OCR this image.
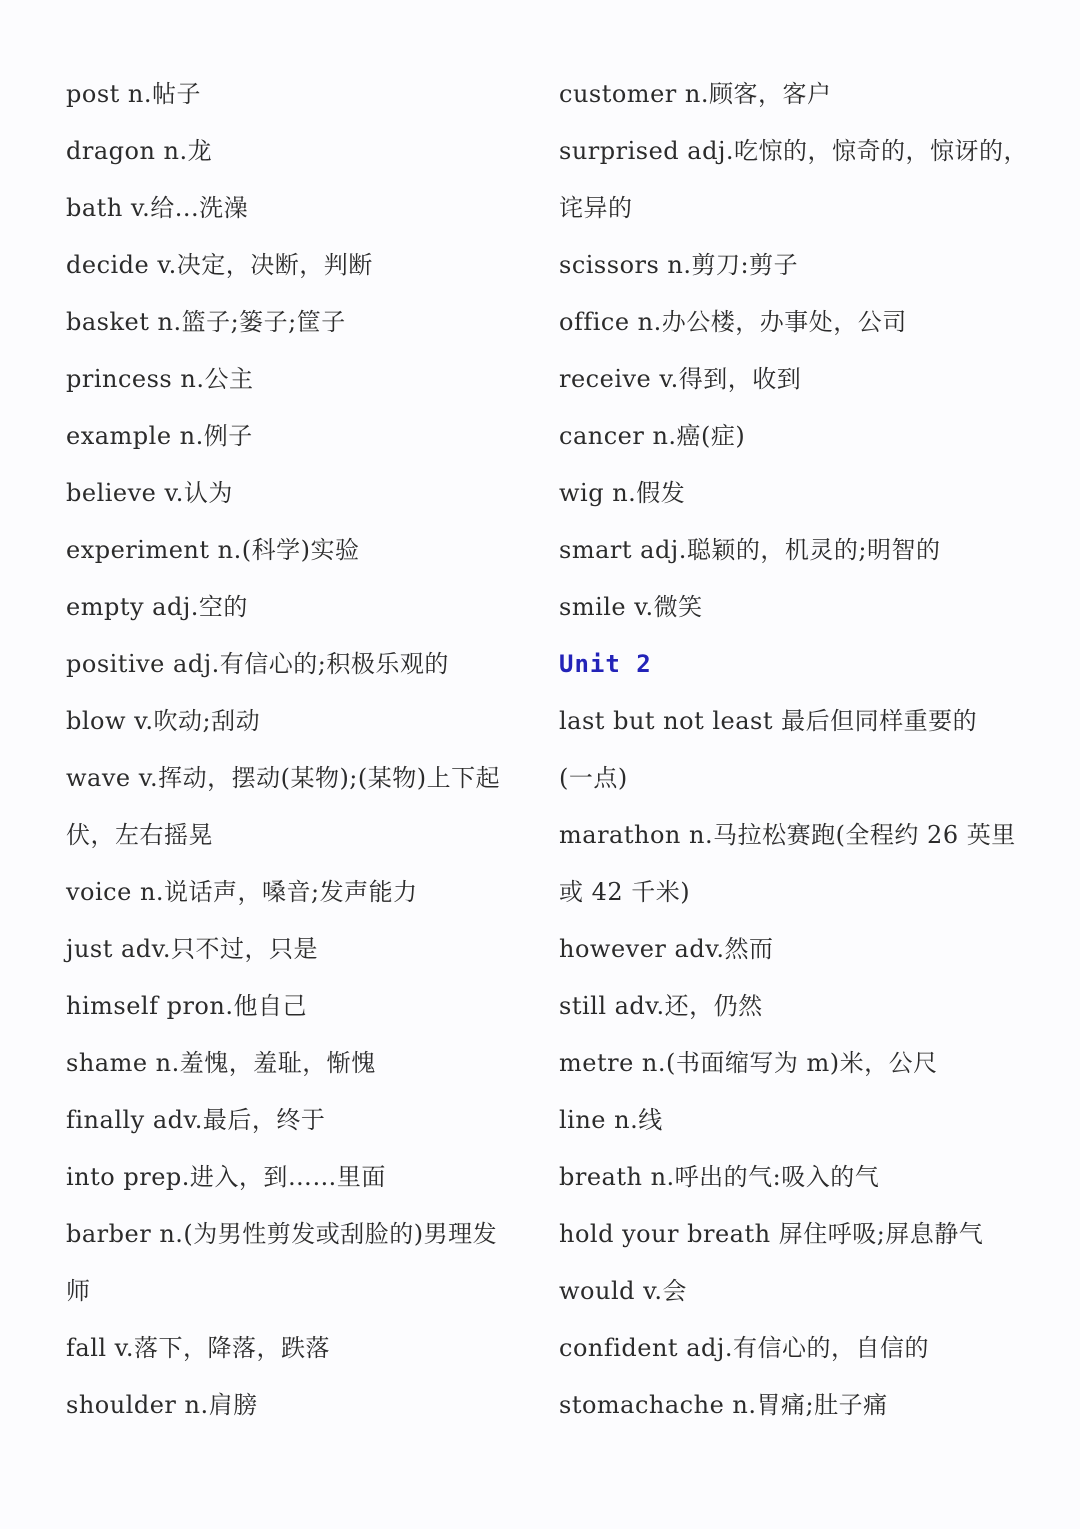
post n.帖子
dragon n.龙
bath v.给...洗澡
decide v.决定，决断，判断
basket n.篮子;篓子;筐子
princess n.公主
example n.例子
believe v.认为
experiment n.(科学)实验
empty adj.空的
positive adj.有信心的;积极乐观的
blow v.吹动;刮动
wave v.挥动，摆动(某物);(某物)上下起
伏，左右摇晃
voice n.说话声，嗓音;发声能力
just adv.只不过，只是
himself pron.他自己
shame n.羞愧，羞耻，惭愧
finally adv.最后，终于
into prep.进入，到……里面
barber n.(为男性剪发或刮脸的)男理发
师
fall v.落下，降落，跌落
shoulder n.肩膀
customer n.顾客，客户
surprised adj.吃惊的，惊奇的，惊讶的，
诧异的
scissors n.剪刀:剪子
office n.办公楼，办事处，公司
receive v.得到，收到
cancer n.癌(症)
wig n.假发
smart adj.聪颖的，机灵的;明智的
smile v.微笑
Unit 2
last but not least 最后但同样重要的
(一点)
marathon n.马拉松赛跑(全程约 26 英里
或 42 千米)
however adv.然而
still adv.还，仍然
metre n.(书面缩写为 m)米，公尺
line n.线
breath n.呼出的气:吸入的气
hold your breath 屏住呼吸;屏息静气
would v.会
confident adj.有信心的，自信的
stomachache n.胃痛;肚子痛
